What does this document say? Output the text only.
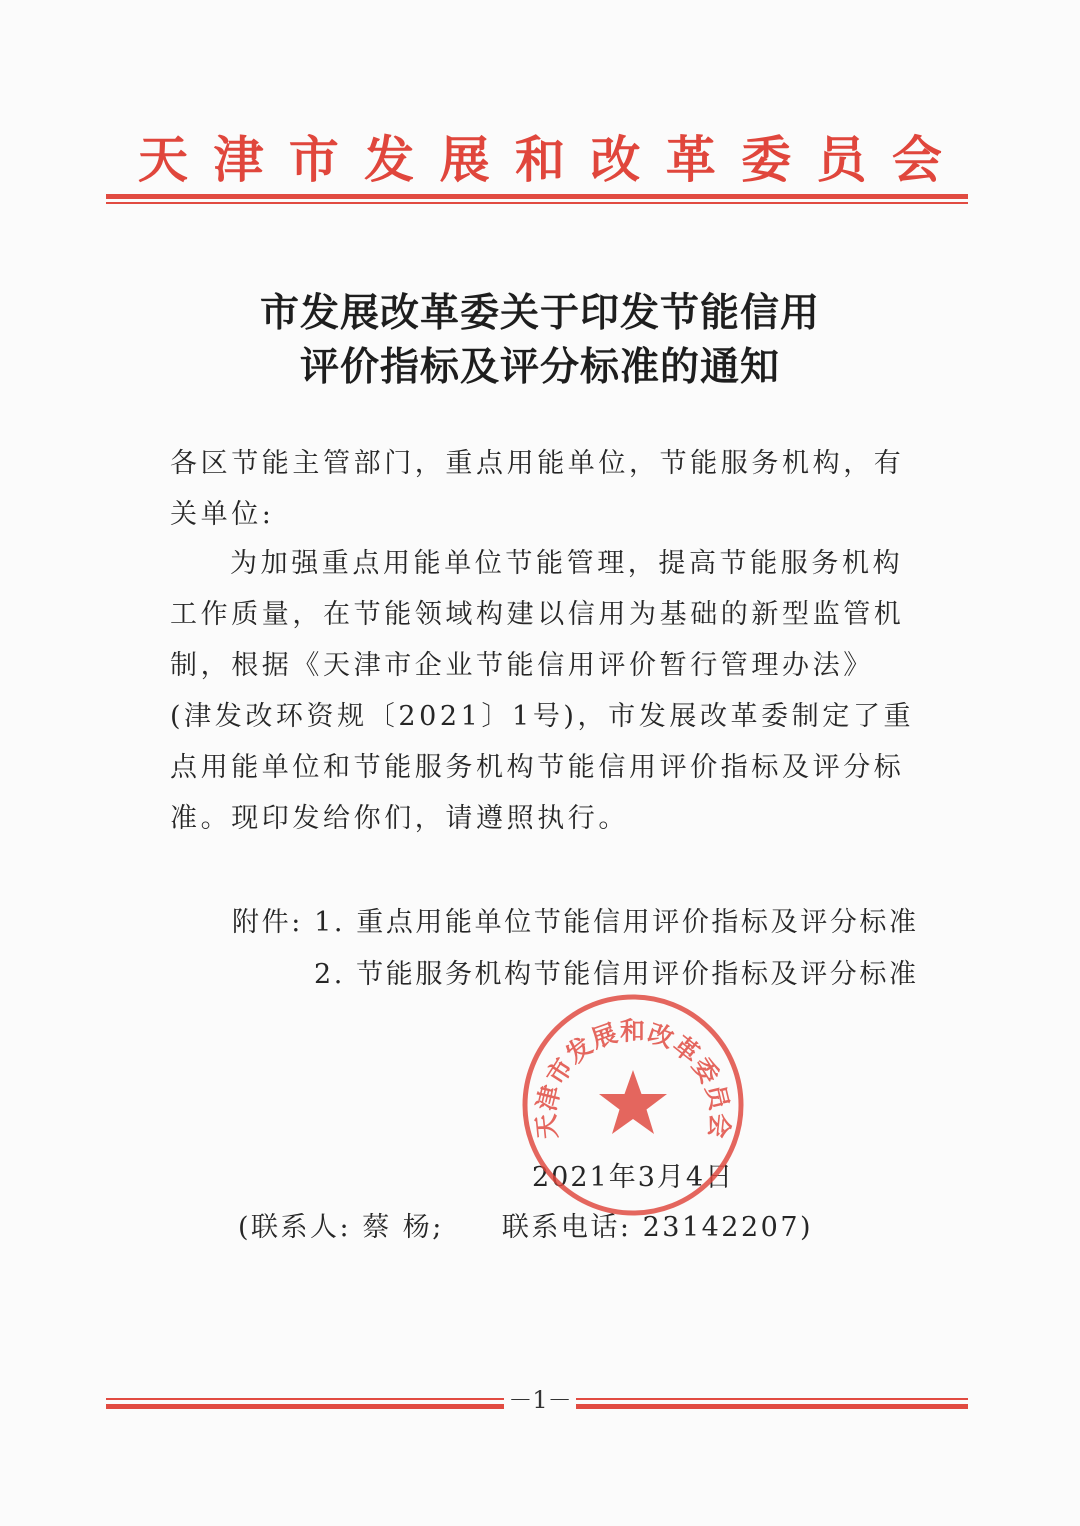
天 津 市 发 展 和 改 革 委 员 会
市发展改革委关于印发节能信用
评价指标及评分标准的通知
各区节能主管部门，重点用能单位，节能服务机构，有关单位:
为加强重点用能单位节能管理，提高节能服务机构工作质量，在节能领域构建以信用为基础的新型监管机制，根据《天津市企业节能信用评价暂行管理办法》(津发改环资规〔2021〕1号)，市发展改革委制定了重点用能单位和节能服务机构节能信用评价指标及评分标准。现印发给你们，请遵照执行。
附件: 1. 重点用能单位节能信用评价指标及评分标准
2. 节能服务机构节能信用评价指标及评分标准
天津市发展和改革委员会
2021年3月4日
(联系人: 蔡 杨; 联系电话: 23142207)
－1－
